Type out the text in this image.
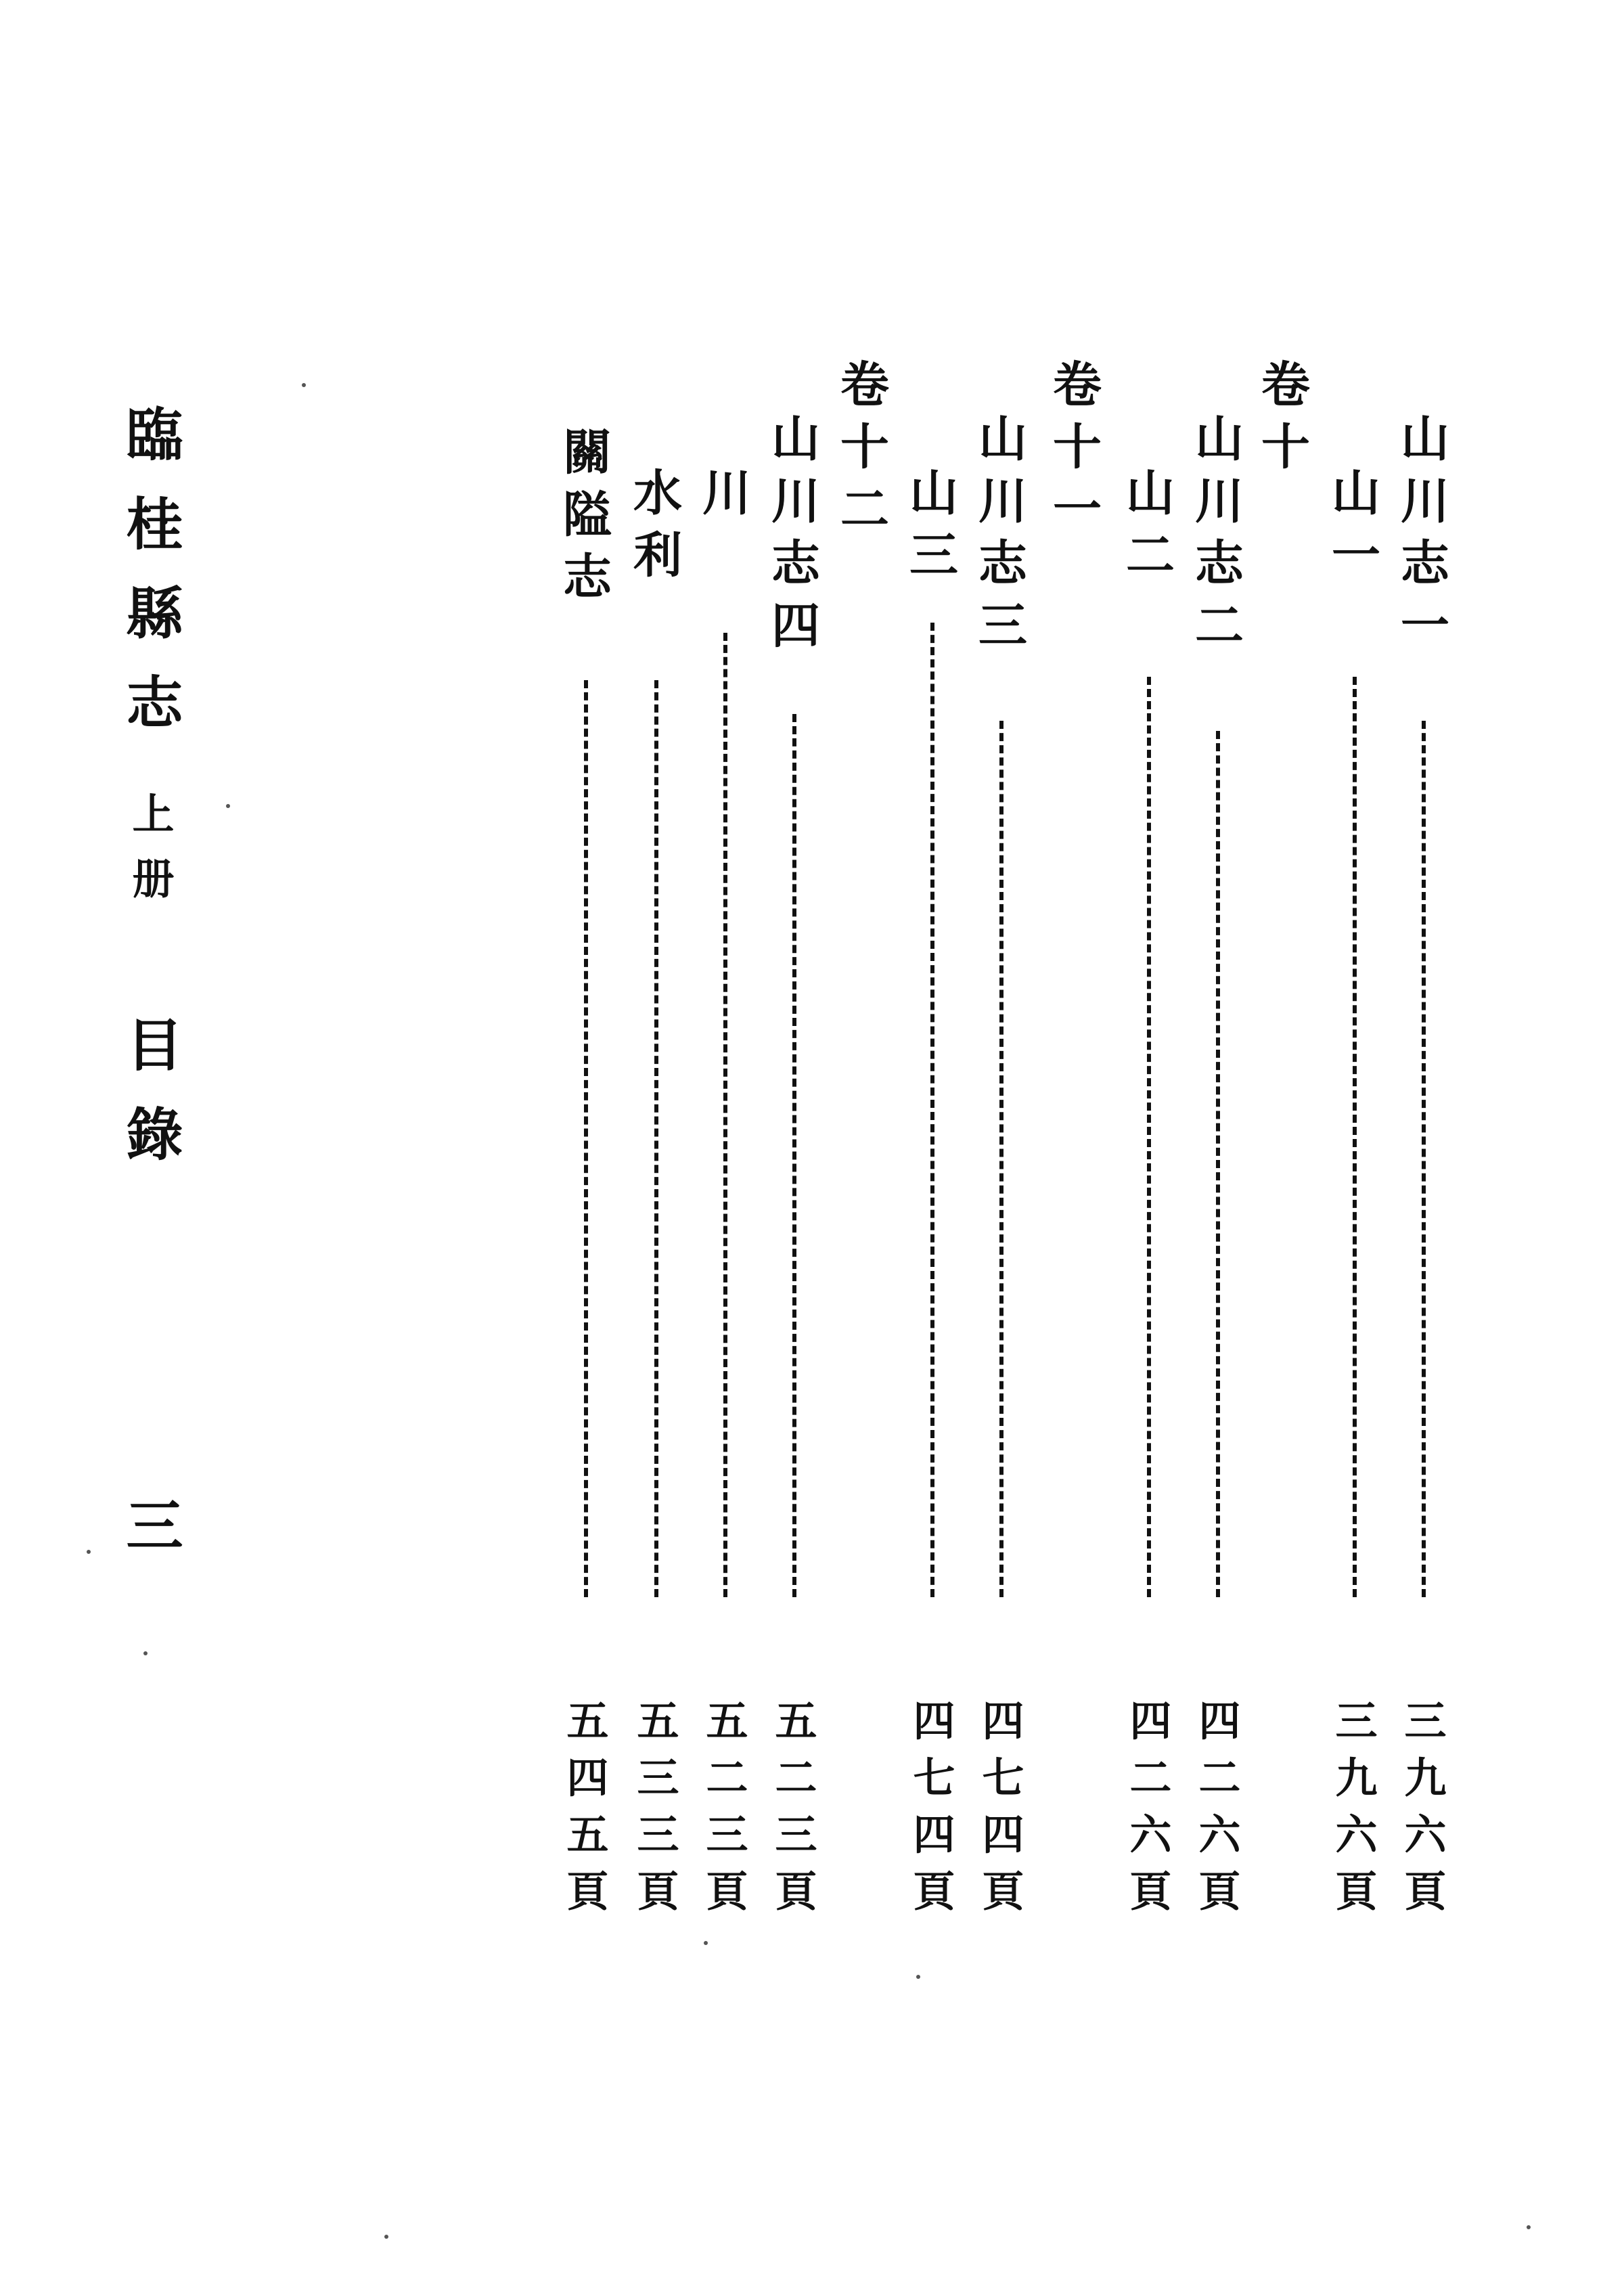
臨桂縣志
上册
目錄
三
山川志一
三九六頁
山一
三九六頁
卷十
山川志二
四二六頁
山二
四二六頁
卷十一
山川志三
四七四頁
山三
四七四頁
卷十二
山川志四
五二三頁
川
五二三頁
水利
五三三頁
關隘志
五四五頁
